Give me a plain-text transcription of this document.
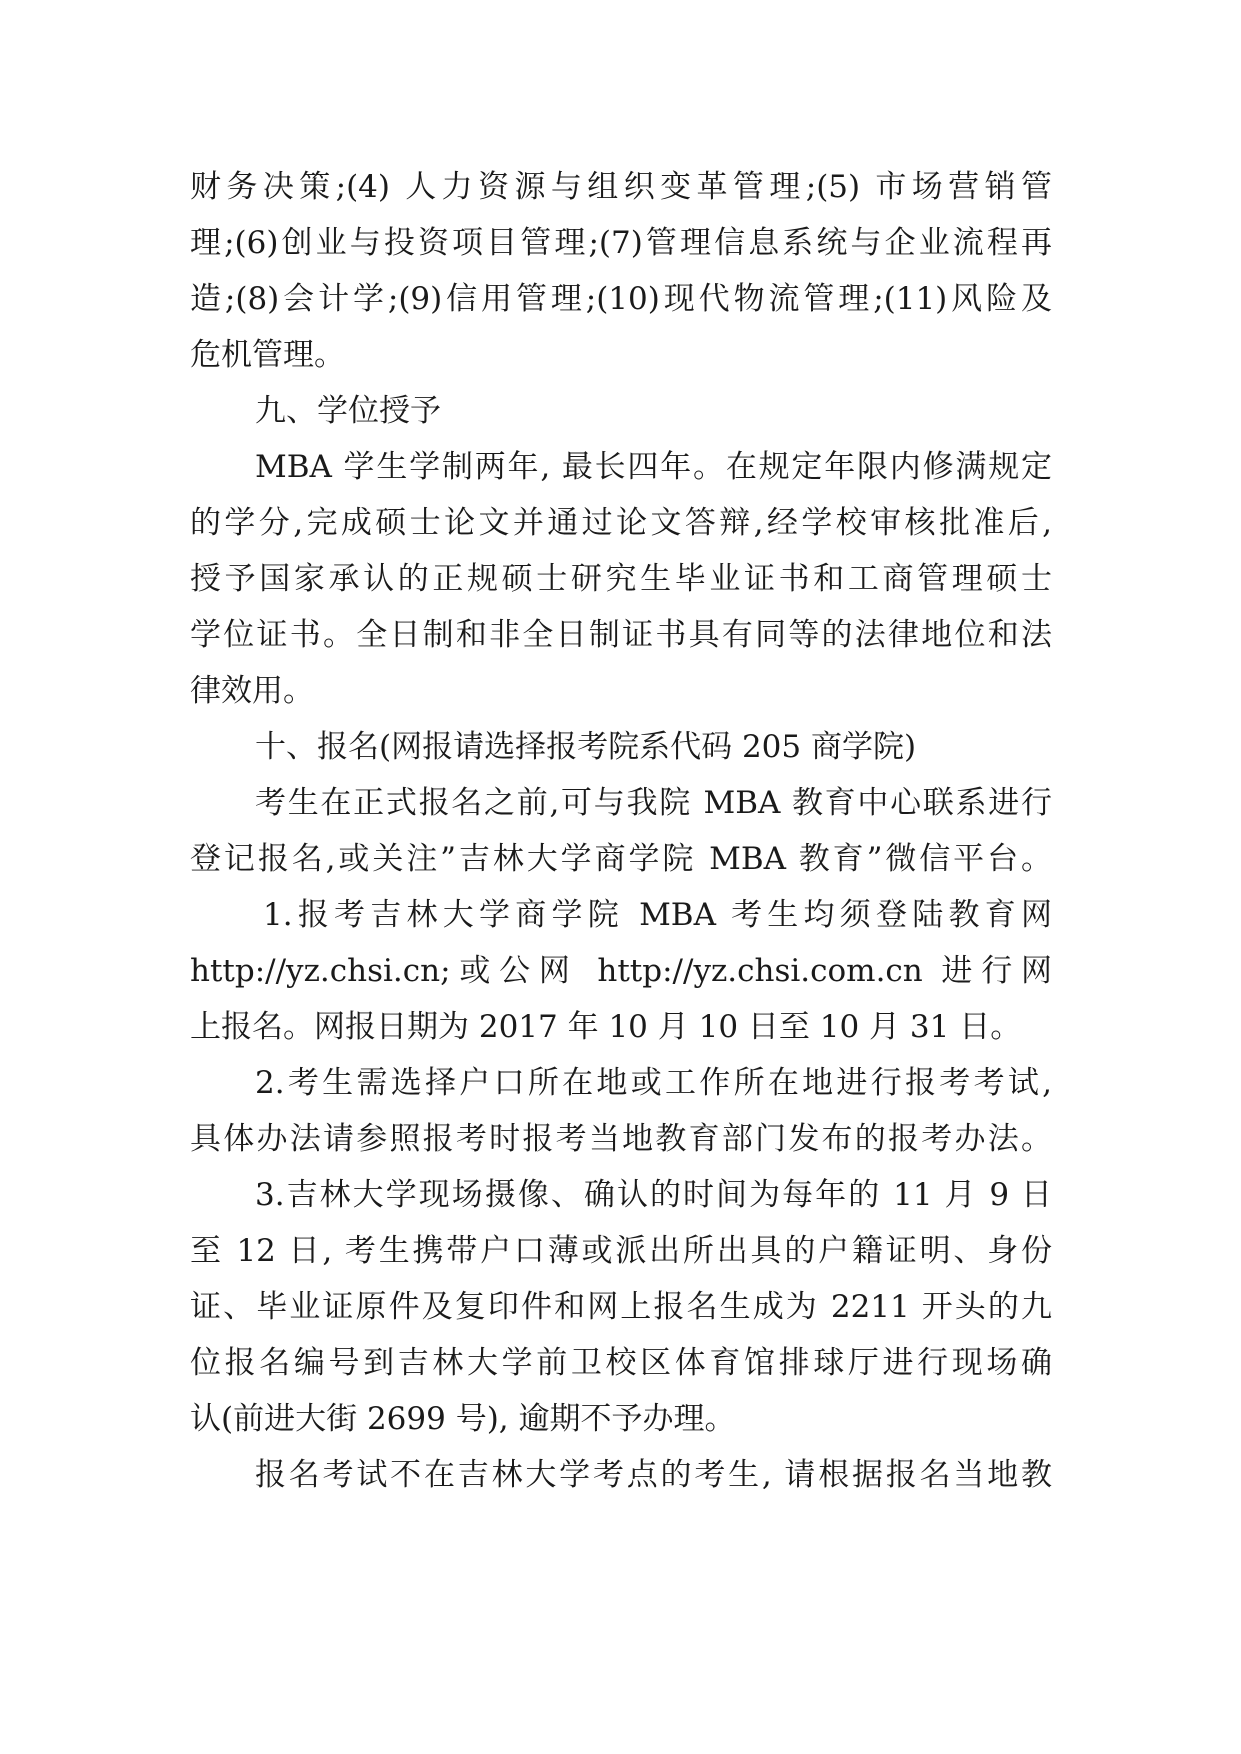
财务决策;(4) 人力资源与组织变革管理;(5) 市场营销管
理;(6)创业与投资项目管理;(7)管理信息系统与企业流程再
造;(8)会计学;(9)信用管理;(10)现代物流管理;(11)风险及
危机管理。
九、学位授予
MBA 学生学制两年, 最长四年。在规定年限内修满规定
的学分,完成硕士论文并通过论文答辩,经学校审核批准后,
授予国家承认的正规硕士研究生毕业证书和工商管理硕士
学位证书。全日制和非全日制证书具有同等的法律地位和法
律效用。
十、报名(网报请选择报考院系代码 205 商学院)
考生在正式报名之前,可与我院 MBA 教育中心联系进行
登记报名,或关注”吉林大学商学院 MBA 教育”微信平台。
1.报考吉林大学商学院 MBA 考生均须登陆教育网
http://yz.chsi.cn;或公网 http://yz.chsi.com.cn 进行网
上报名。网报日期为 2017 年 10 月 10 日至 10 月 31 日。
2.考生需选择户口所在地或工作所在地进行报考考试,
具体办法请参照报考时报考当地教育部门发布的报考办法。
3.吉林大学现场摄像、确认的时间为每年的 11 月 9 日
至 12 日, 考生携带户口薄或派出所出具的户籍证明、身份
证、毕业证原件及复印件和网上报名生成为 2211 开头的九
位报名编号到吉林大学前卫校区体育馆排球厅进行现场确
认(前进大街 2699 号), 逾期不予办理。
报名考试不在吉林大学考点的考生, 请根据报名当地教
